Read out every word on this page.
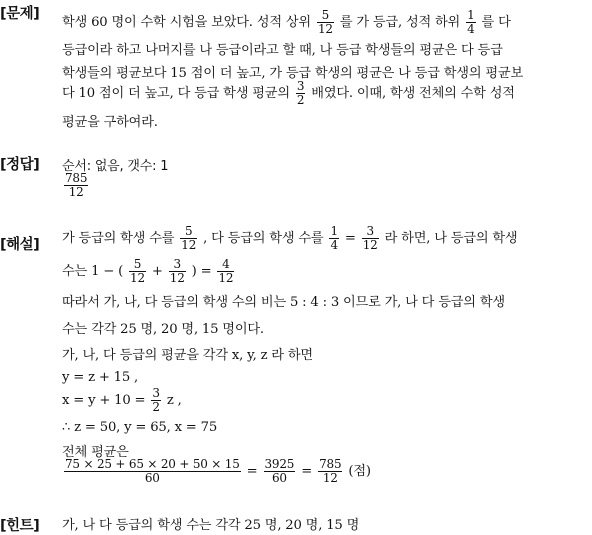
[문제]
학생 60 명이 수학 시험을 보았다. 성적 상위 $\frac{5}{12}$ 를 가 등급, 성적 하위 $\frac{1}{4}$ 를 다
등급이라 하고 나머지를 나 등급이라고 할 때, 나 등급 학생들의 평균은 다 등급
학생들의 평균보다 15 점이 더 높고, 가 등급 학생의 평균은 나 등급 학생의 평균보
다 10 점이 더 높고, 다 등급 학생 평균의 $\frac{3}{2}$ 배였다. 이때, 학생 전체의 수학 성적
평균을 구하여라.
[정답] 순서: 없음, 갯수: 1
$\frac{785}{12}$
[해설] 가 등급의 학생 수를 $\frac{5}{12}$ , 다 등급의 학생 수를 $\frac{1}{4} = \frac{3}{12}$ 라 하면, 나 등급의 학생
수는 1 − ( $\frac{5}{12} + \frac{3}{12}$ ) = $\frac{4}{12}$
따라서 가, 나, 다 등급의 학생 수의 비는 5 : 4 : 3 이므로 가, 나 다 등급의 학생
수는 각각 25 명, 20 명, 15 명이다.
가, 나, 다 등급의 평균을 각각 x, y, z 라 하면
y = z + 15 ,
$x = y + 10 = \frac{3}{2}$ z ,
∴ z = 50, y = 65, x = 75
전체 평균은
$\frac{75 \times 25 + 65 \times 20 + 50 \times 15}{60} = \frac{3925}{60} = \frac{785}{12}$ (점)
[힌트] 가, 나 다 등급의 학생 수는 각각 25 명, 20 명, 15 명
